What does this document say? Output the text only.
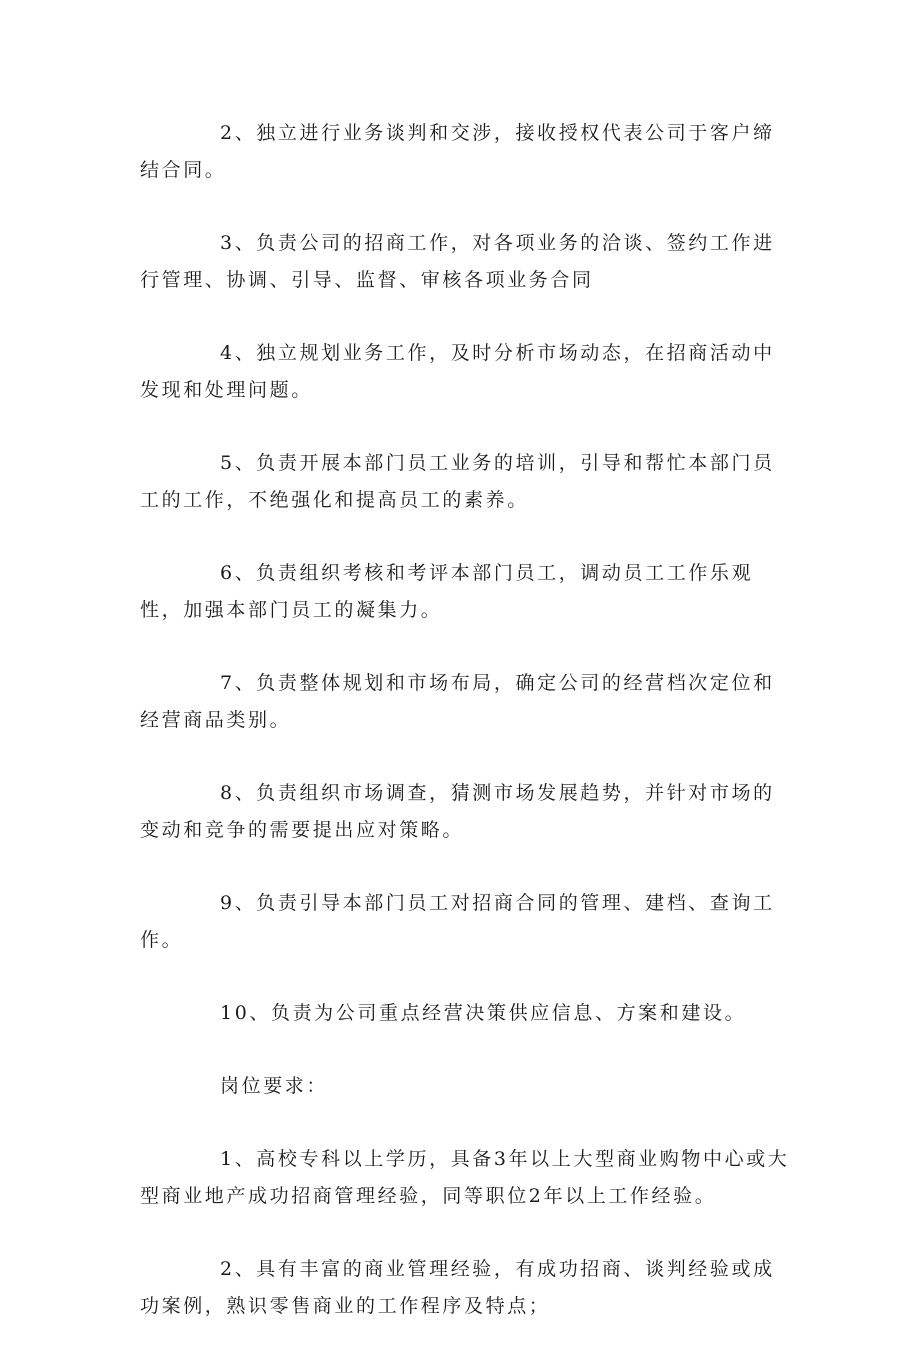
2、独立进行业务谈判和交涉，接收授权代表公司于客户缔结合同。

3、负责公司的招商工作，对各项业务的洽谈、签约工作进行管理、协调、引导、监督、审核各项业务合同

4、独立规划业务工作，及时分析市场动态，在招商活动中发现和处理问题。

5、负责开展本部门员工业务的培训，引导和帮忙本部门员工的工作，不绝强化和提高员工的素养。

6、负责组织考核和考评本部门员工，调动员工工作乐观性，加强本部门员工的凝集力。

7、负责整体规划和市场布局，确定公司的经营档次定位和经营商品类别。

8、负责组织市场调查，猜测市场发展趋势，并针对市场的变动和竞争的需要提出应对策略。

9、负责引导本部门员工对招商合同的管理、建档、查询工作。

10、负责为公司重点经营决策供应信息、方案和建设。

岗位要求：

1、高校专科以上学历，具备3年以上大型商业购物中心或大型商业地产成功招商管理经验，同等职位2年以上工作经验。

2、具有丰富的商业管理经验，有成功招商、谈判经验或成功案例，熟识零售商业的工作程序及特点；
